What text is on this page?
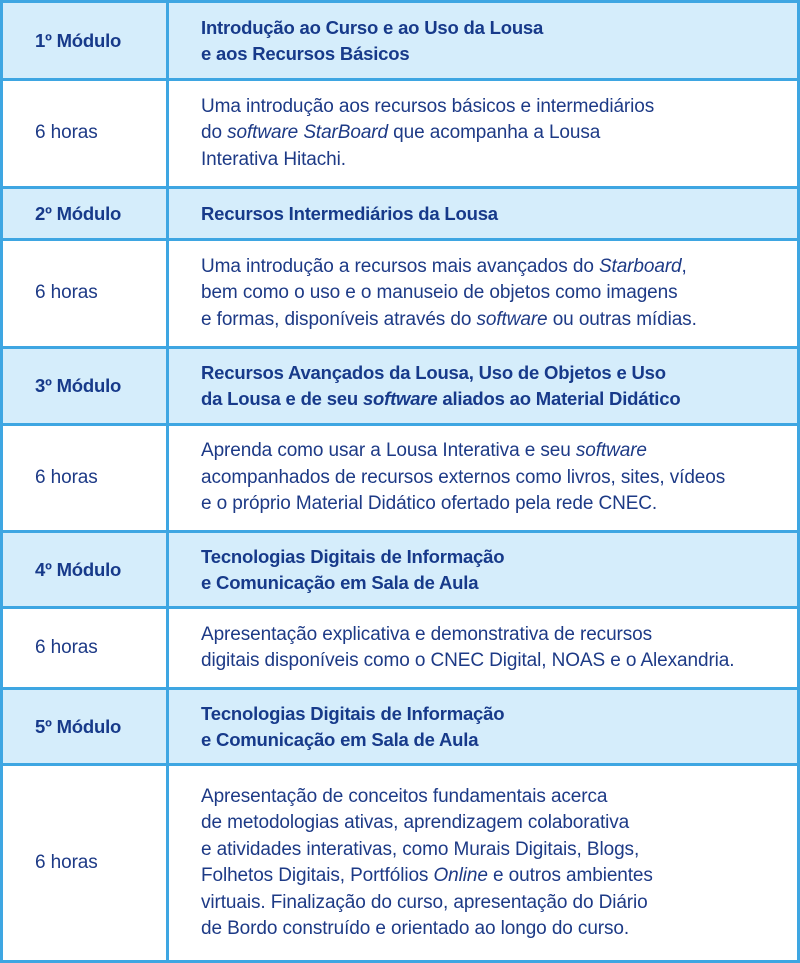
1º Módulo
Introdução ao Curso e ao Uso da Lousa
e aos Recursos Básicos
6 horas
Uma introdução aos recursos básicos e intermediários
do software StarBoard que acompanha a Lousa
Interativa Hitachi.
2º Módulo	Recursos Intermediários da Lousa
6 horas
Uma introdução a recursos mais avançados do Starboard,
bem como o uso e o manuseio de objetos como imagens
e formas, disponíveis através do software ou outras mídias.
3º Módulo
Recursos Avançados da Lousa, Uso de Objetos e Uso
da Lousa e de seu software aliados ao Material Didático
6 horas
Aprenda como usar a Lousa Interativa e seu software
acompanhados de recursos externos como livros, sites, vídeos
e o próprio Material Didático ofertado pela rede CNEC.
4º Módulo
Tecnologias Digitais de Informação
e Comunicação em Sala de Aula
6 horas
Apresentação explicativa e demonstrativa de recursos
digitais disponíveis como o CNEC Digital, NOAS e o Alexandria.
5º Módulo
Tecnologias Digitais de Informação
e Comunicação em Sala de Aula
6 horas
Apresentação de conceitos fundamentais acerca
de metodologias ativas, aprendizagem colaborativa
e atividades interativas, como Murais Digitais, Blogs,
Folhetos Digitais, Portfólios Online e outros ambientes
virtuais. Finalização do curso, apresentação do Diário
de Bordo construído e orientado ao longo do curso.
